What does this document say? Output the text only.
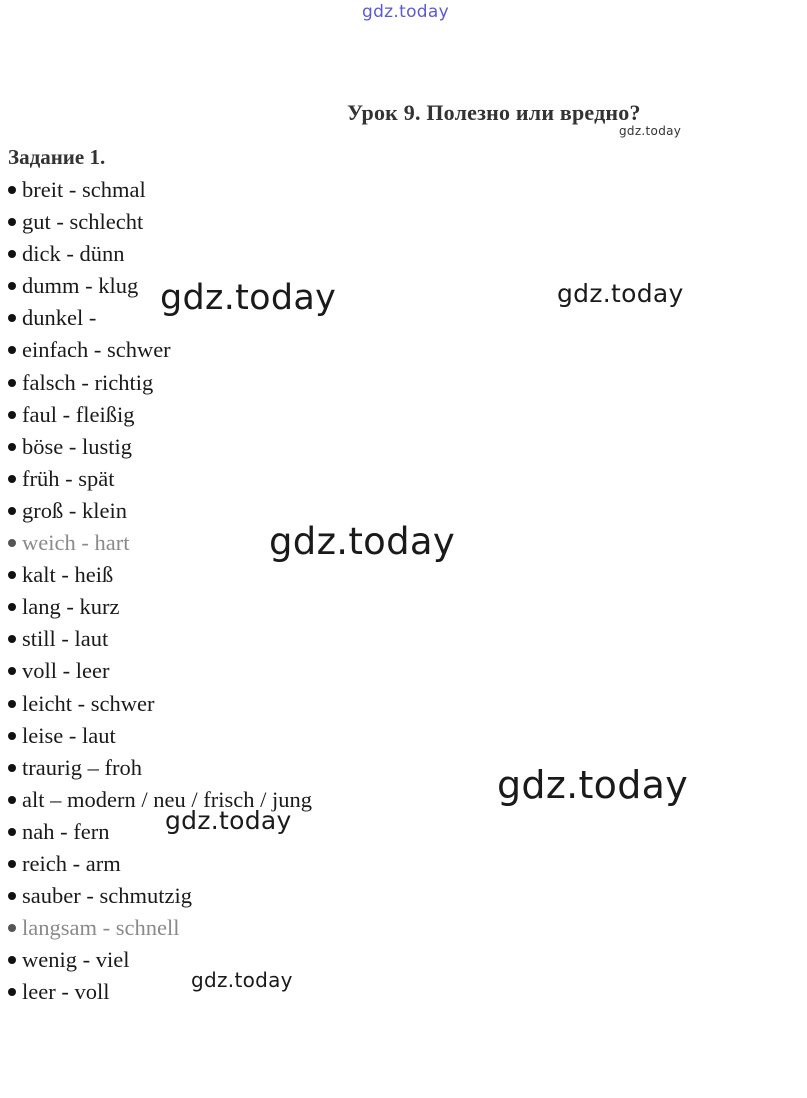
gdz.today
Урок 9. Полезно или вредно?
gdz.today
Задание 1.
breit - schmal
gut - schlecht
dick - dünn
dumm - klug
dunkel -
einfach - schwer
falsch - richtig
faul - fleißig
böse - lustig
früh - spät
groß - klein
weich - hart
kalt - heiß
lang - kurz
still - laut
voll - leer
leicht - schwer
leise - laut
traurig – froh
alt – modern / neu / frisch / jung
nah - fern
reich - arm
sauber - schmutzig
langsam - schnell
wenig - viel
leer - voll
gdz.today	gdz.today
gdz.today
gdz.today
gdz.today
gdz.today
